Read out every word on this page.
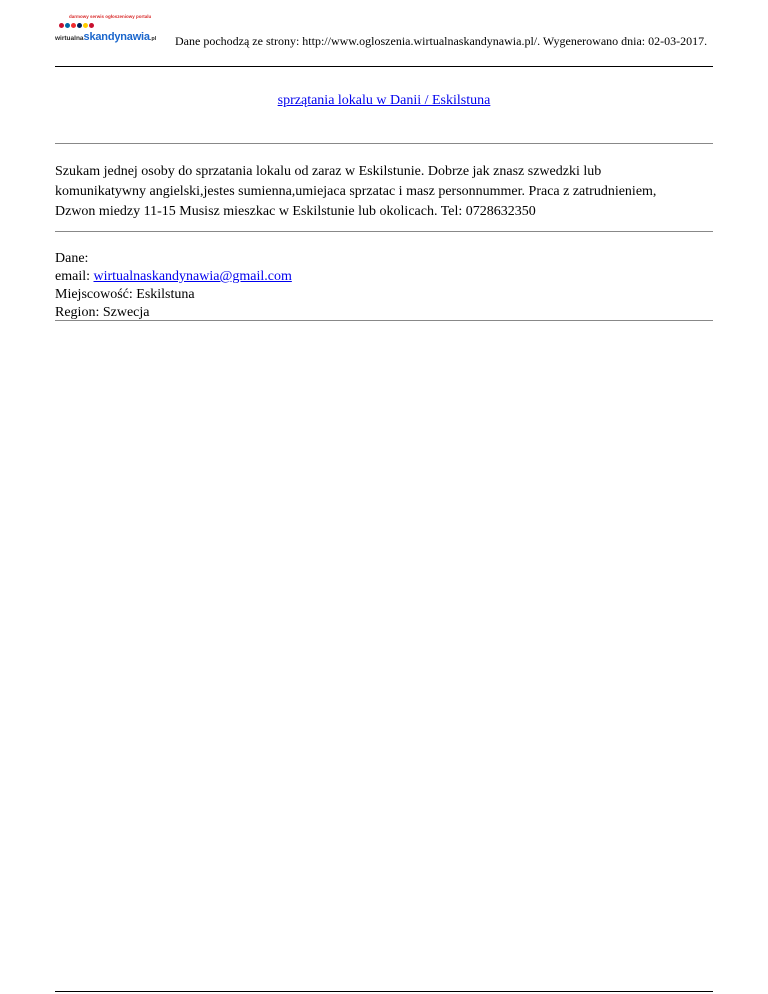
darmowy serwis ogłoszeniowy portalu
wirtualnaskandynawia.pl Dane pochodzą ze strony: http://www.ogloszenia.wirtualnaskandynawia.pl/. Wygenerowano dnia: 02-03-2017.
sprzątania lokalu w Danii / Eskilstuna
Szukam jednej osoby do sprzatania lokalu od zaraz w Eskilstunie. Dobrze jak znasz szwedzki lub komunikatywny angielski,jestes sumienna,umiejaca sprzatac i masz personnummer. Praca z zatrudnieniem, Dzwon miedzy 11-15 Musisz mieszkac w Eskilstunie lub okolicach. Tel: 0728632350
Dane:
email: wirtualnaskandynawia@gmail.com
Miejscowość: Eskilstuna
Region: Szwecja
